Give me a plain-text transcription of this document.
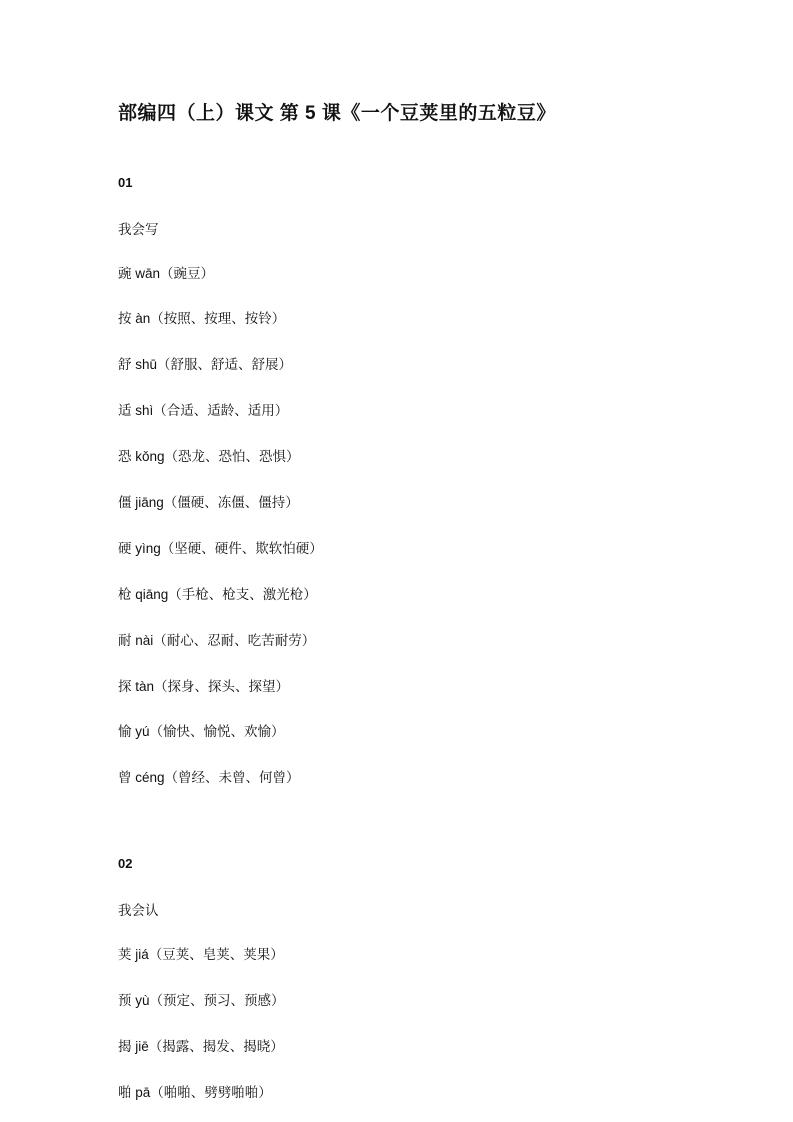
部编四（上）课文 第 5 课《一个豆荚里的五粒豆》
01
我会写
豌 wān（豌豆）
按 àn（按照、按理、按铃）
舒 shū（舒服、舒适、舒展）
适 shì（合适、适龄、适用）
恐 kǒng（恐龙、恐怕、恐惧）
僵 jiāng（僵硬、冻僵、僵持）
硬 yìng（坚硬、硬件、欺软怕硬）
枪 qiāng（手枪、枪支、激光枪）
耐 nài（耐心、忍耐、吃苦耐劳）
探 tàn（探身、探头、探望）
愉 yú（愉快、愉悦、欢愉）
曾 céng（曾经、未曾、何曾）
02
我会认
荚 jiá（豆荚、皂荚、荚果）
预 yù（预定、预习、预感）
揭 jiē（揭露、揭发、揭晓）
啪 pā（啪啪、劈劈啪啪）
